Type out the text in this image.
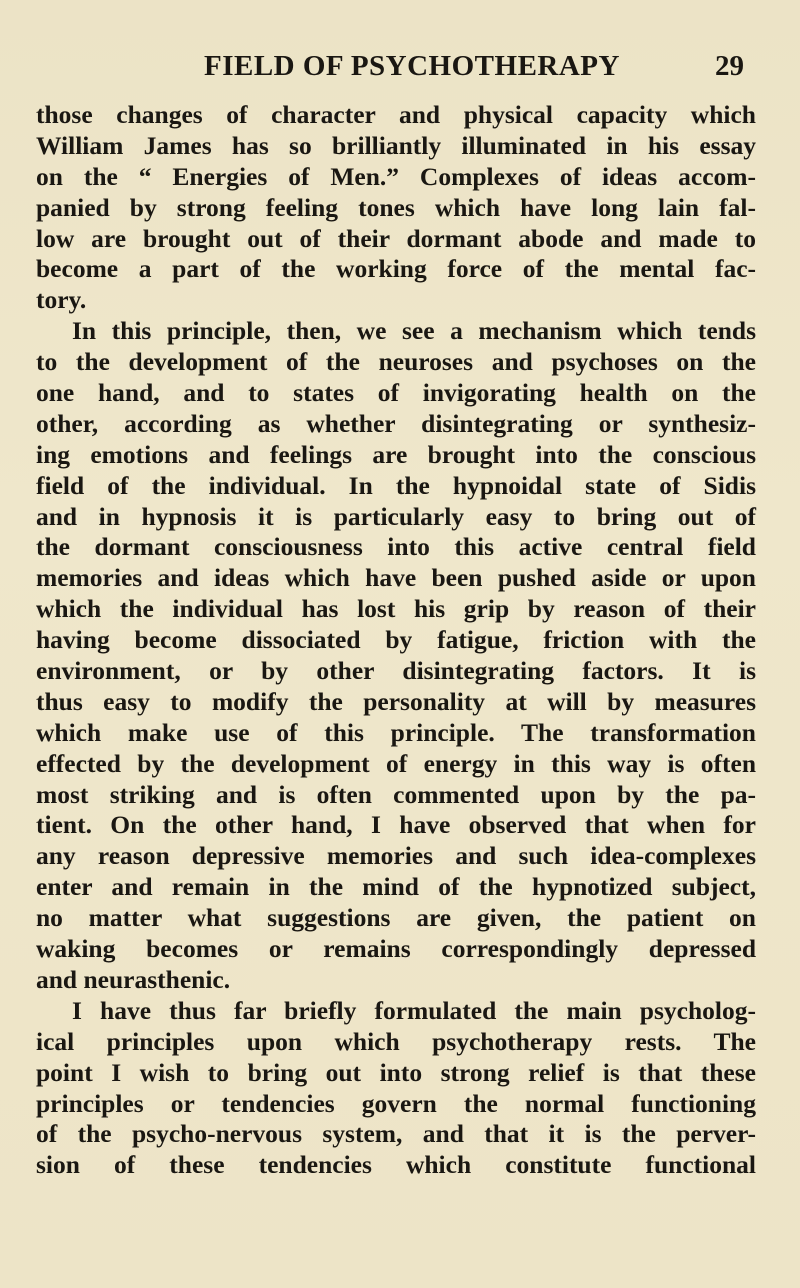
FIELD OF PSYCHOTHERAPY	29
those changes of character and physical capacity which
William James has so brilliantly illuminated in his essay
on the “ Energies of Men.” Complexes of ideas accom-
panied by strong feeling tones which have long lain fal-
low are brought out of their dormant abode and made to
become a part of the working force of the mental fac-
tory.
In this principle, then, we see a mechanism which tends
to the development of the neuroses and psychoses on the
one hand, and to states of invigorating health on the
other, according as whether disintegrating or synthesiz-
ing emotions and feelings are brought into the conscious
field of the individual. In the hypnoidal state of Sidis
and in hypnosis it is particularly easy to bring out of
the dormant consciousness into this active central field
memories and ideas which have been pushed aside or upon
which the individual has lost his grip by reason of their
having become dissociated by fatigue, friction with the
environment, or by other disintegrating factors. It is
thus easy to modify the personality at will by measures
which make use of this principle. The transformation
effected by the development of energy in this way is often
most striking and is often commented upon by the pa-
tient. On the other hand, I have observed that when for
any reason depressive memories and such idea-complexes
enter and remain in the mind of the hypnotized subject,
no matter what suggestions are given, the patient on
waking becomes or remains correspondingly depressed
and neurasthenic.
I have thus far briefly formulated the main psycholog-
ical principles upon which psychotherapy rests. The
point I wish to bring out into strong relief is that these
principles or tendencies govern the normal functioning
of the psycho-nervous system, and that it is the perver-
sion of these tendencies which constitute functional
